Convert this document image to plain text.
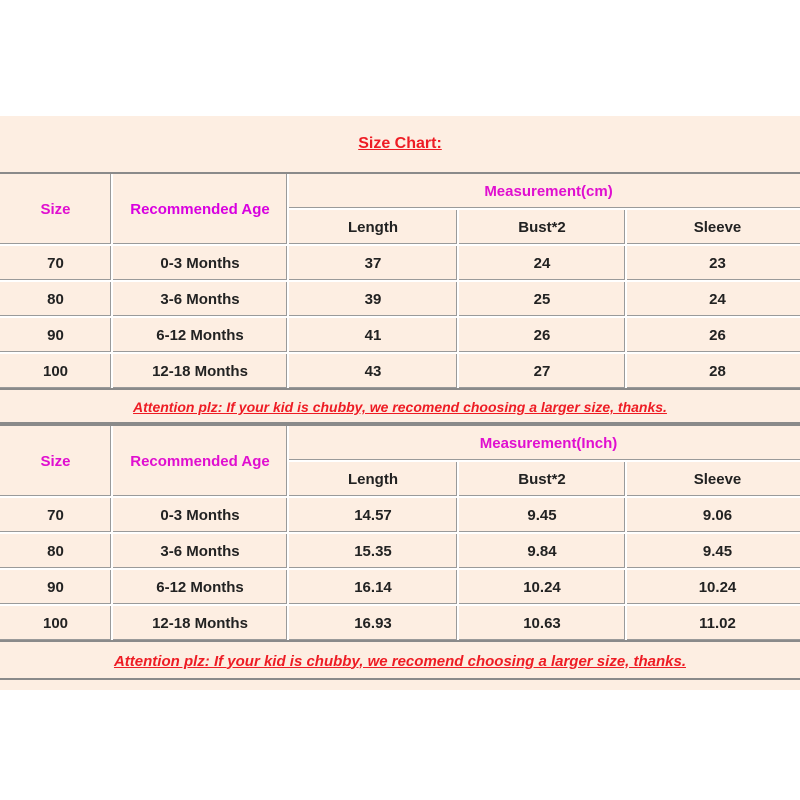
Size Chart:
Size	Recommended Age
Measurement(cm)
Length	Bust*2	Sleeve
70	0-3 Months	37	24	23
80	3-6 Months	39	25	24
90	6-12 Months	41	26	26
100	12-18 Months	43	27	28
Attention plz: If your kid is chubby, we recomend choosing a larger size, thanks.
Size	Recommended Age
Measurement(Inch)
Length	Bust*2	Sleeve
70	0-3 Months	14.57	9.45	9.06
80	3-6 Months	15.35	9.84	9.45
90	6-12 Months	16.14	10.24	10.24
100	12-18 Months	16.93	10.63	11.02
Attention plz: If your kid is chubby, we recomend choosing a larger size, thanks.
